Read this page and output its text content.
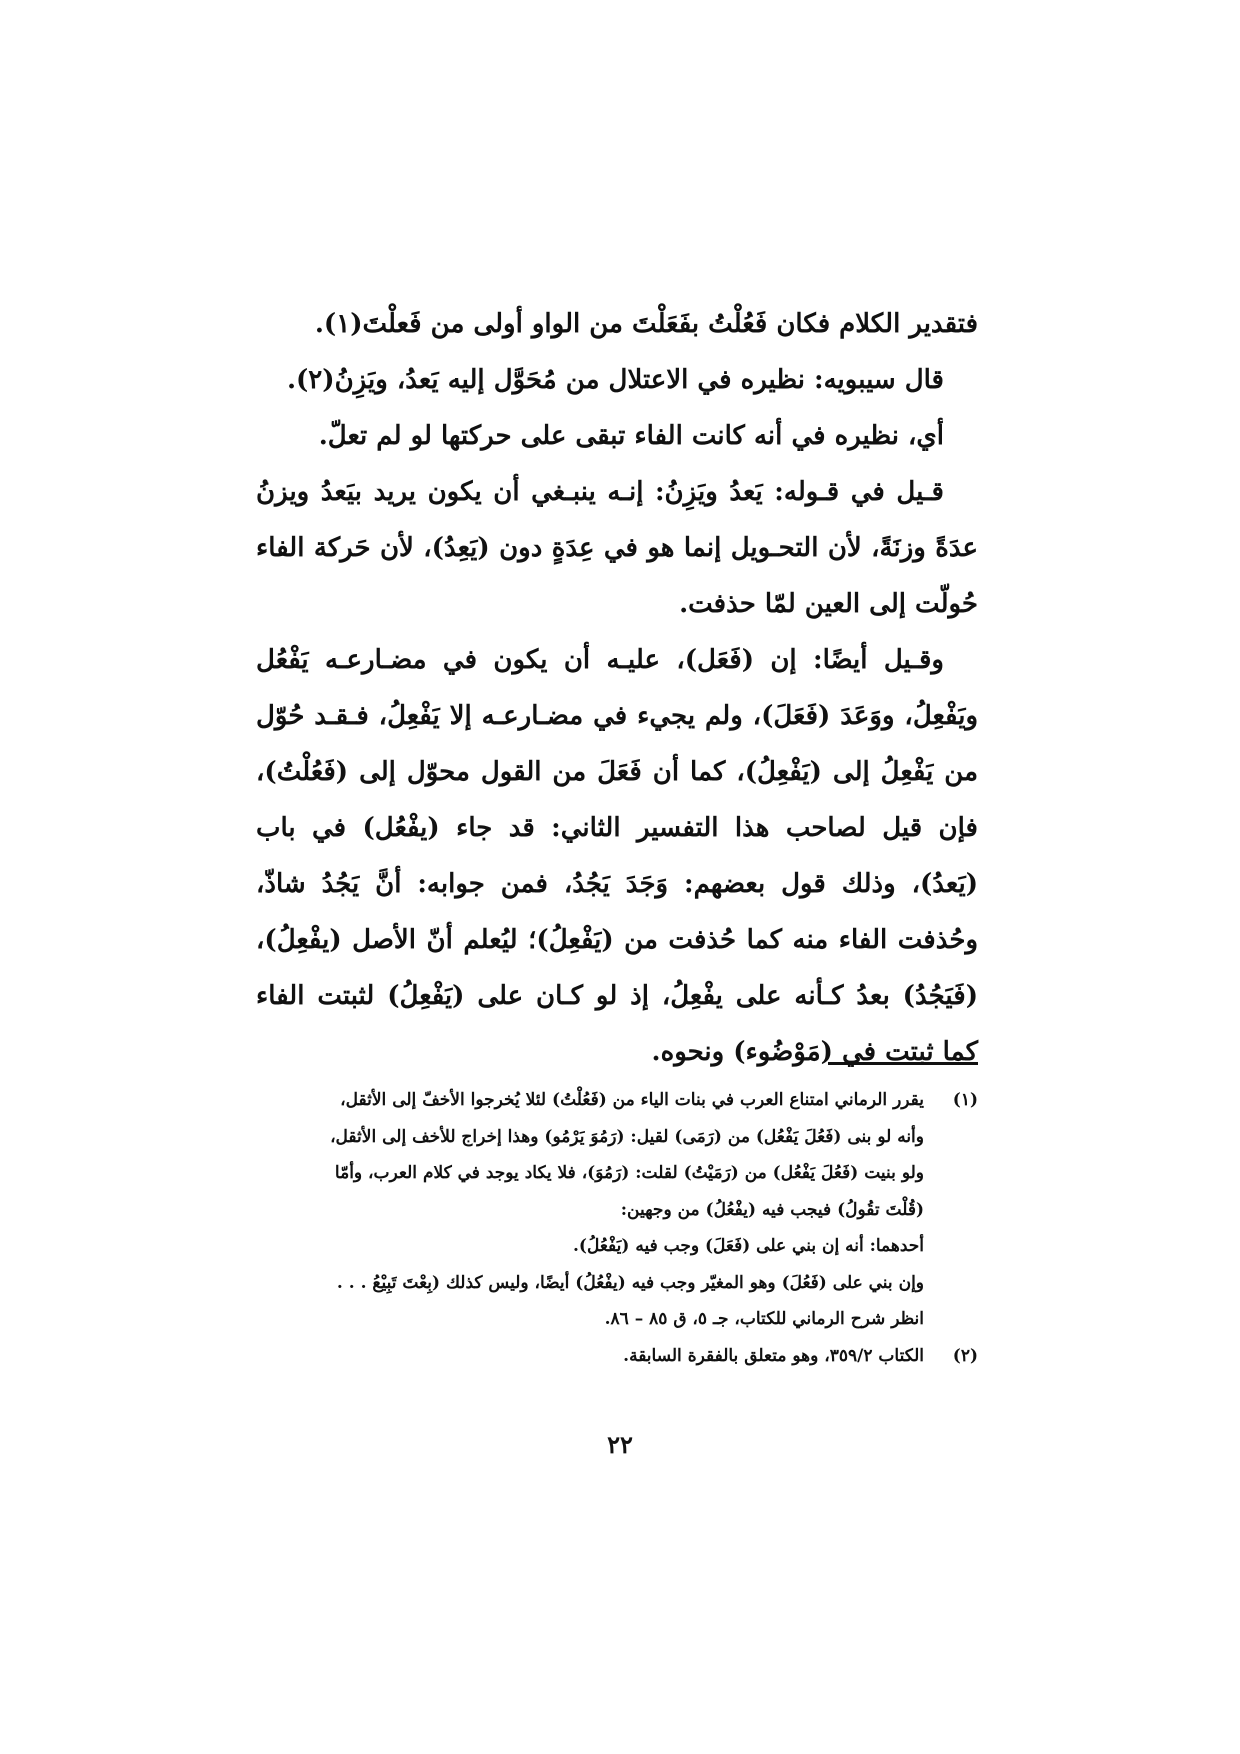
فتقدير الكلام فكان فَعُلْتُ بفَعَلْتَ من الواو أولى من فَعلْتَ(١).

قال سيبويه: نظيره في الاعتلال من مُحَوَّل إليه يَعدُ، ويَزِنُ(٢).

أي، نظيره في أنه كانت الفاء تبقى على حركتها لو لم تعلّ.

قـيل في قـوله: يَعدُ ويَزِنُ: إنـه ينبـغي أن يكون يريد بيَعدُ ويزنُ عدَةً وزنَةً، لأن التحـويل إنما هو في عِدَةٍ دون (يَعِدُ)، لأن حَركة الفاء حُولّت إلى العين لمّا حذفت.

وقـيل أيضًا: إن (فَعَل)، عليـه أن يكون في مضـارعـه يَفْعُل ويَفْعِلُ، ووَعَدَ (فَعَلَ)، ولم يجيء في مضـارعـه إلا يَفْعِلُ، فـقـد حُوّل من يَفْعِلُ إلى (يَفْعِلُ)، كما أن فَعَلَ من القول محوّل إلى (فَعُلْتُ)، فإن قيل لصاحب هذا التفسير الثاني: قد جاء (يفْعُل) في باب (يَعدُ)، وذلك قول بعضهم: وَجَدَ يَجُدُ، فمن جوابه: أنَّ يَجُدُ شاذّ، وحُذفت الفاء منه كما حُذفت من (يَفْعِلُ)؛ ليُعلم أنّ الأصل (يفْعِلُ)، (فَيَجُدُ) بعدُ كـأنه على يفْعِلُ، إذ لو كـان على (يَفْعِلُ) لثبتت الفاء كما ثبتت في (مَوْضُوء) ونحوه.

(١)
يقرر الرماني امتناع العرب في بنات الياء من (فَعُلْتُ) لئلا يُخرجوا الأخفّ إلى الأثقل،
وأنه لو بنى (فَعُلَ يَفْعُل) من (رَمَى) لقيل: (رَمُوَ يَرْمُو) وهذا إخراج للأخف إلى الأثقل،
ولو بنيت (فَعُلَ يَفْعُل) من (رَمَيْتُ) لقلت: (رَمُوَ)، فلا يكاد يوجد في كلام العرب، وأمّا
(قُلْتَ تقُولُ) فيجب فيه (يفْعُلُ) من وجهين:
أحدهما: أنه إن بني على (فَعَلَ) وجب فيه (يَفْعُلُ).
وإن بني على (فَعُلَ) وهو المغيّر وجب فيه (يفْعُلُ) أيضًا، وليس كذلك (بِعْتَ تَبِيْعُ . . .
انظر شرح الرماني للكتاب، جـ ٥، ق ٨٥ – ٨٦.
(٢)
الكتاب ٣٥٩/٢، وهو متعلق بالفقرة السابقة.
٢٢
